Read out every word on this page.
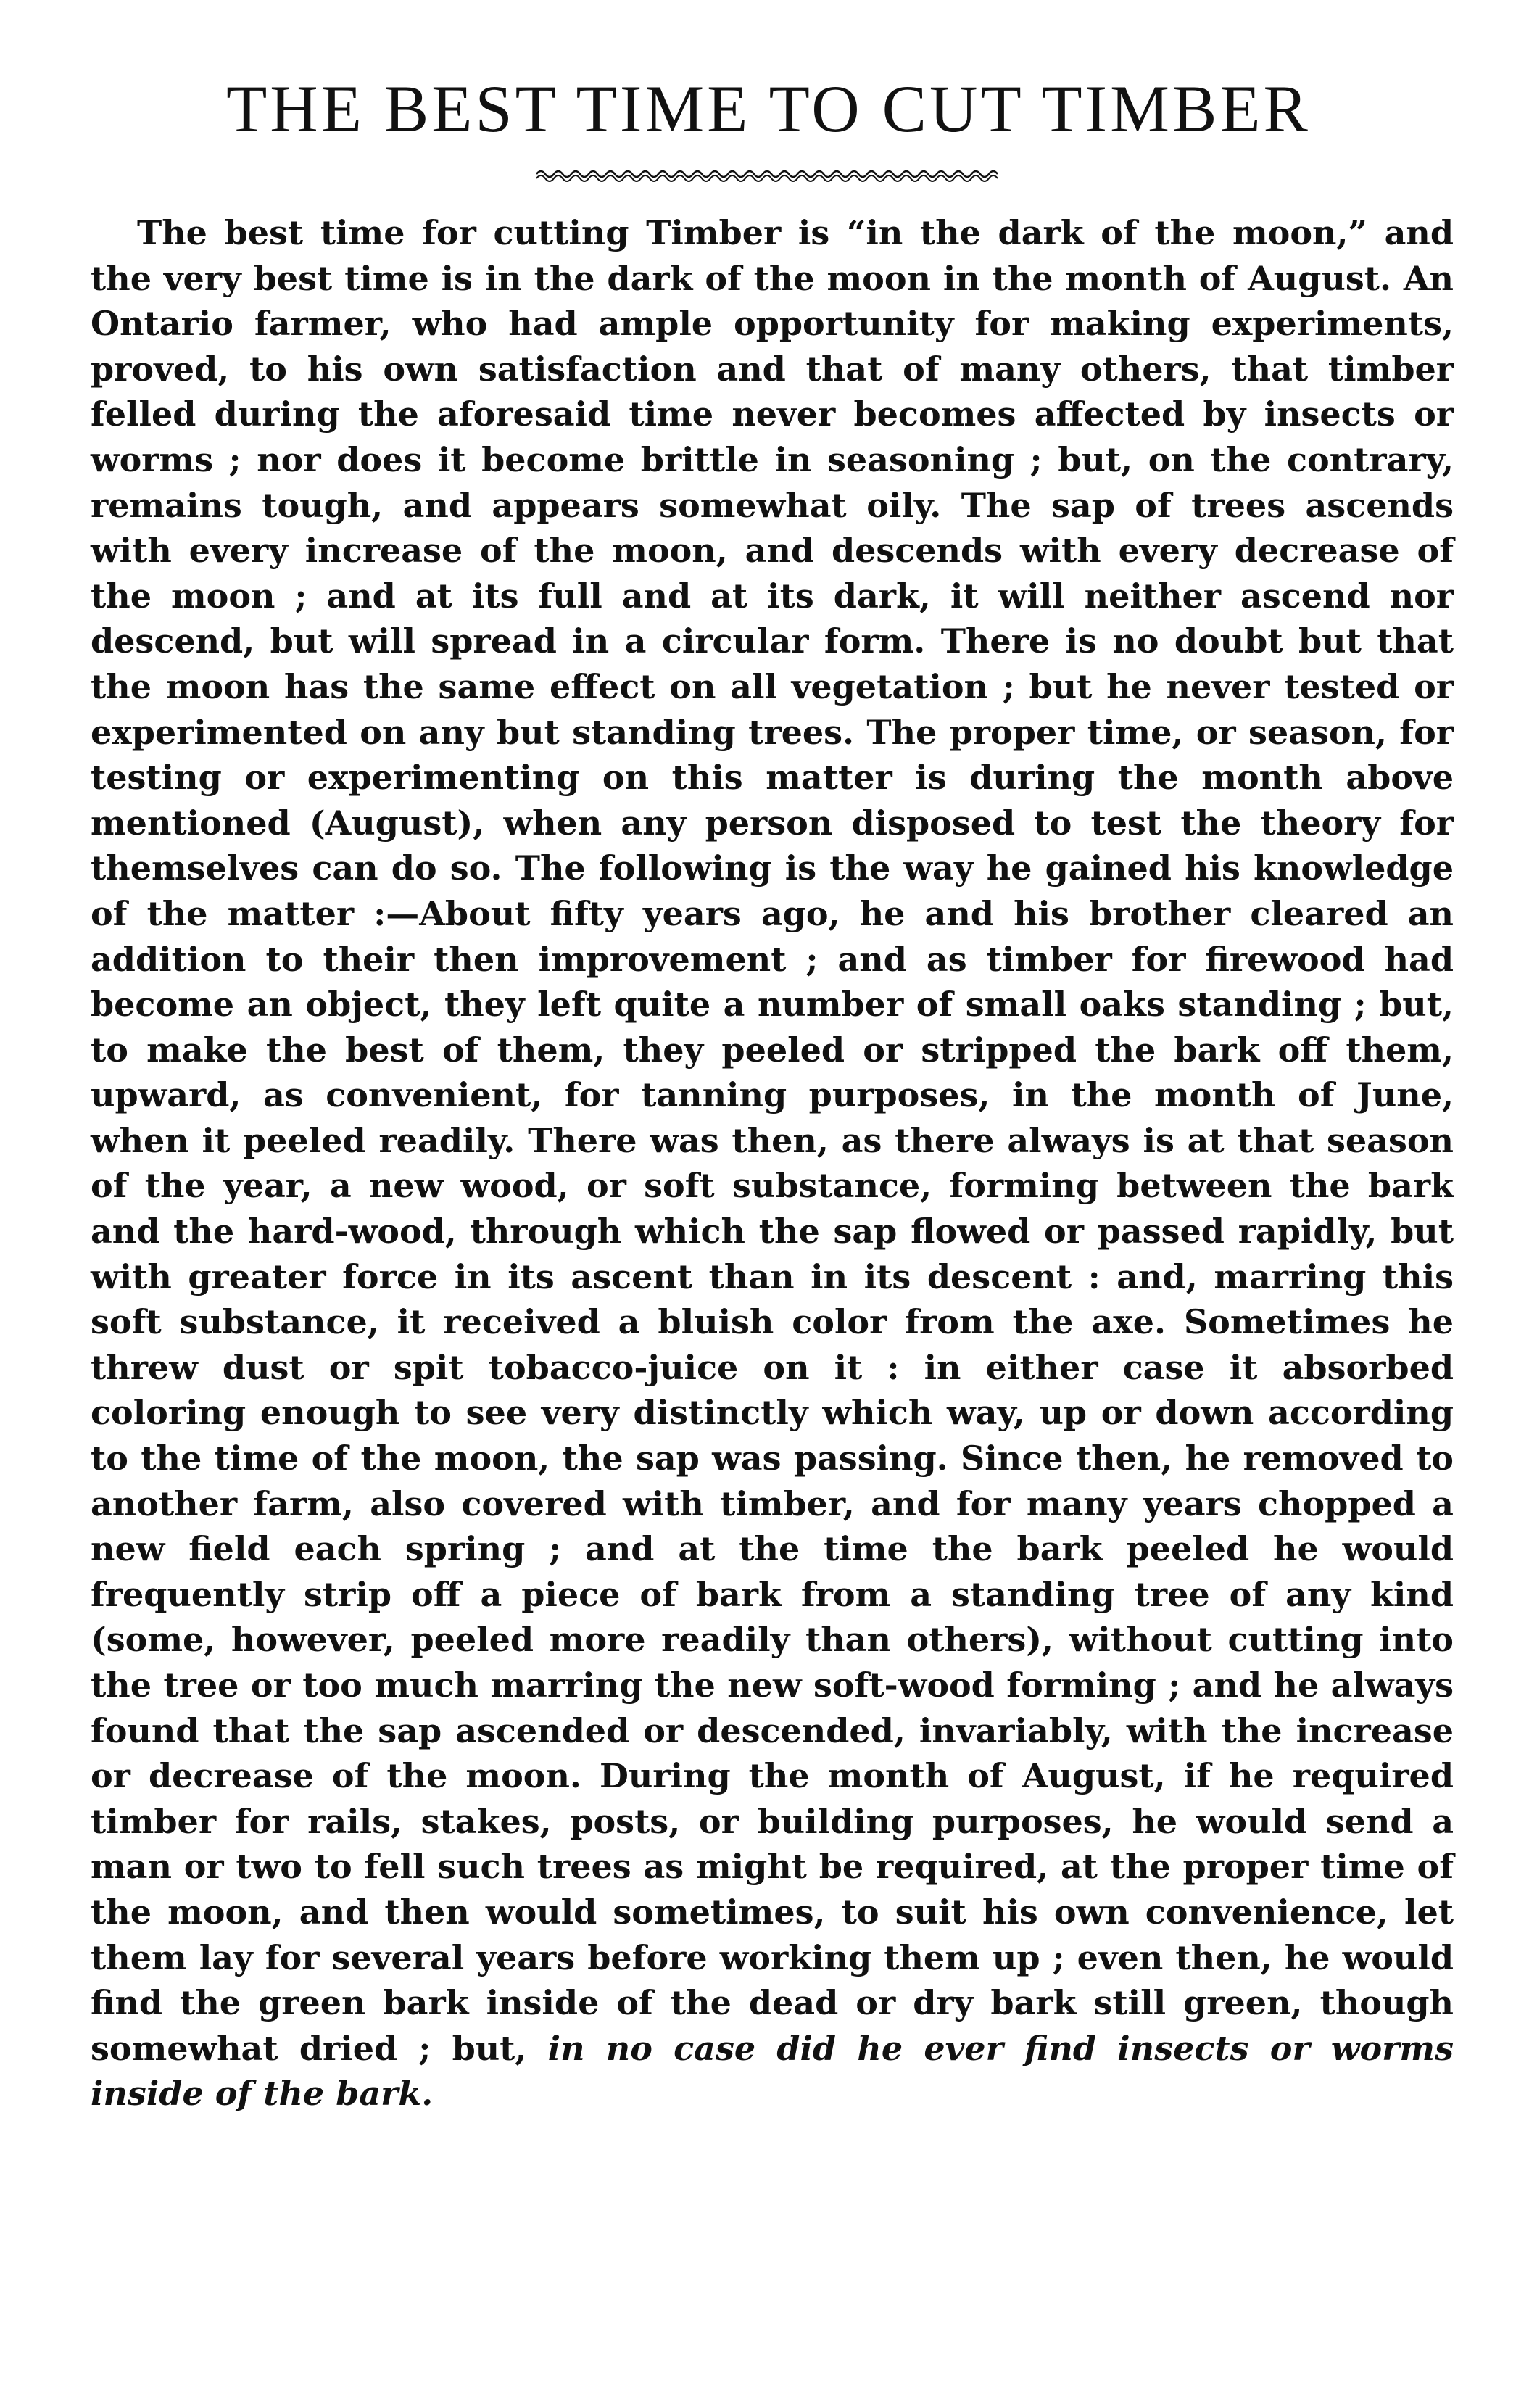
THE BEST TIME TO CUT TIMBER

The best time for cutting Timber is “in the dark of the moon,” and the very best time is in the dark of the moon in the month of August. An Ontario farmer, who had ample opportunity for making experiments, proved, to his own satisfaction and that of many others, that timber felled during the aforesaid time never becomes affected by insects or worms ; nor does it become brittle in seasoning ; but, on the contrary, remains tough, and appears somewhat oily. The sap of trees ascends with every increase of the moon, and descends with every decrease of the moon ; and at its full and at its dark, it will neither ascend nor descend, but will spread in a circular form. There is no doubt but that the moon has the same effect on all vegetation ; but he never tested or experimented on any but standing trees. The proper time, or season, for testing or experimenting on this matter is during the month above mentioned (August), when any person disposed to test the theory for themselves can do so. The following is the way he gained his knowledge of the matter :—About fifty years ago, he and his brother cleared an addition to their then improvement ; and as timber for firewood had become an object, they left quite a number of small oaks standing ; but, to make the best of them, they peeled or stripped the bark off them, upward, as convenient, for tanning purposes, in the month of June, when it peeled readily. There was then, as there always is at that season of the year, a new wood, or soft substance, forming between the bark and the hard-wood, through which the sap flowed or passed rapidly, but with greater force in its ascent than in its descent : and, marring this soft substance, it received a bluish color from the axe. Sometimes he threw dust or spit tobacco-juice on it : in either case it absorbed coloring enough to see very distinctly which way, up or down according to the time of the moon, the sap was passing. Since then, he removed to another farm, also covered with timber, and for many years chopped a new field each spring ; and at the time the bark peeled he would frequently strip off a piece of bark from a standing tree of any kind (some, however, peeled more readily than others), without cutting into the tree or too much marring the new soft-wood forming ; and he always found that the sap ascended or descended, invariably, with the increase or decrease of the moon. During the month of August, if he required timber for rails, stakes, posts, or building purposes, he would send a man or two to fell such trees as might be required, at the proper time of the moon, and then would sometimes, to suit his own convenience, let them lay for several years before working them up ; even then, he would find the green bark inside of the dead or dry bark still green, though somewhat dried ; but, in no case did he ever find insects or worms inside of the bark.
